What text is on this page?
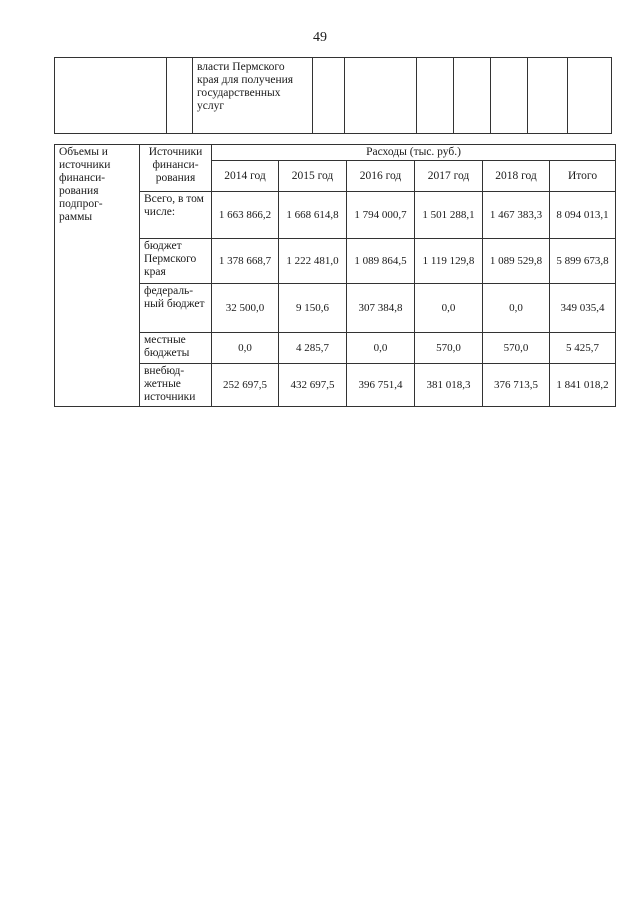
49
		власти Пермского края для получения государственных услуг							
Объемы и источники финанси-рования подпрог-раммы	Источники финанси-рования	Расходы (тыс. руб.)					
		2014 год	2015 год	2016 год	2017 год	2018 год	Итого
	Всего, в том числе:	1 663 866,2	1 668 614,8	1 794 000,7	1 501 288,1	1 467 383,3	8 094 013,1
	бюджет Пермского края	1 378 668,7	1 222 481,0	1 089 864,5	1 119 129,8	1 089 529,8	5 899 673,8
	федераль-ный бюджет	32 500,0	9 150,6	307 384,8	0,0	0,0	349 035,4
	местные бюджеты	0,0	4 285,7	0,0	570,0	570,0	5 425,7
	внебюд-жетные источники	252 697,5	432 697,5	396 751,4	381 018,3	376 713,5	1 841 018,2
